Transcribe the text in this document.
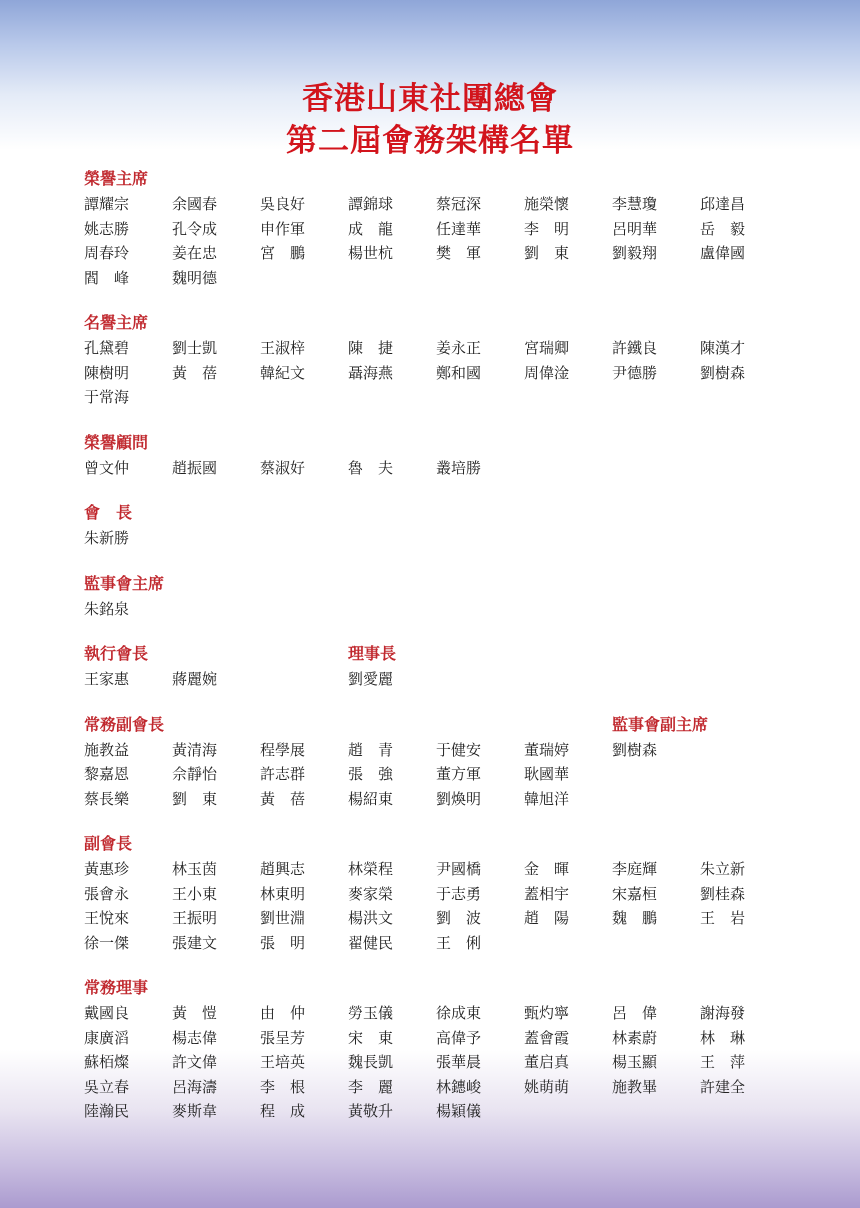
香港山東社團總會
第二屆會務架構名單
榮譽主席
譚耀宗	余國春	吳良好	譚錦球	蔡冠深	施榮懷	李慧瓊	邱達昌
姚志勝	孔令成	申作軍	成　龍	任達華	李　明	呂明華	岳　毅
周春玲	姜在忠	宮　鵬	楊世杭	樊　軍	劉　東	劉毅翔	盧偉國
閻　峰	魏明德
名譽主席
孔黛碧	劉士凱	王淑梓	陳　捷	姜永正	宮瑞卿	許鐵良	陳漢才
陳樹明	黃　蓓	韓紀文	聶海燕	鄭和國	周偉淦	尹德勝	劉樹森
于常海
榮譽顧問
曾文仲	趙振國	蔡淑好	魯　夫	叢培勝
會　長
朱新勝
監事會主席
朱銘泉
執行會長	理事長
王家惠	蔣麗婉	劉愛麗
常務副會長	監事會副主席
施教益	黃清海	程學展	趙　青	于健安	董瑞婷	劉樹森
黎嘉恩	佘靜怡	許志群	張　強	董方軍	耿國華
蔡長樂	劉　東	黃　蓓	楊紹東	劉煥明	韓旭洋
副會長
黃惠珍	林玉茵	趙興志	林榮程	尹國橋	金　暉	李庭輝	朱立新
張會永	王小東	林東明	麥家榮	于志勇	蓋相宇	宋嘉桓	劉桂森
王悅來	王振明	劉世淵	楊洪文	劉　波	趙　陽	魏　鵬	王　岩
徐一傑	張建文	張　明	翟健民	王　俐
常務理事
戴國良	黃　愷	由　仲	勞玉儀	徐成東	甄灼寧	呂　偉	謝海發
康廣滔	楊志偉	張呈芳	宋　東	高偉予	蓋會霞	林素蔚	林　琳
蘇栢燦	許文偉	王培英	魏長凱	張華晨	董启真	楊玉顯	王　萍
吳立春	呂海濤	李　根	李　麗	林鏸峻	姚萌萌	施教畢	許建全
陸瀚民	麥斯韋	程　成	黃敬升	楊穎儀
